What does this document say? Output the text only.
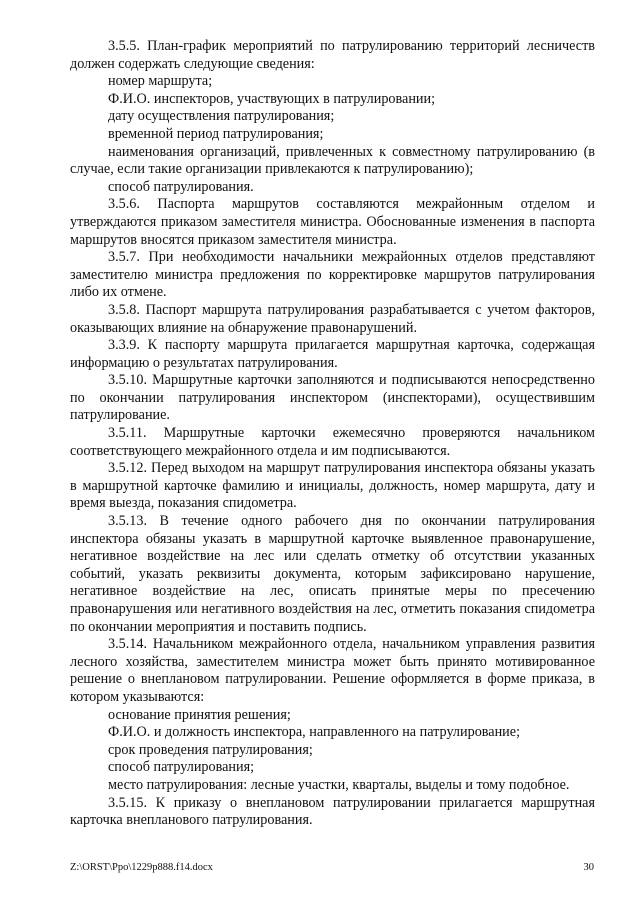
3.5.5. План-график мероприятий по патрулированию территорий лесничеств должен содержать следующие сведения:

номер маршрута;

Ф.И.О. инспекторов, участвующих в патрулировании;

дату осуществления патрулирования;

временной период патрулирования;

наименования организаций, привлеченных к совместному патрулированию (в случае, если такие организации привлекаются к патрулированию);

способ патрулирования.

3.5.6. Паспорта маршрутов составляются межрайонным отделом и утверждаются приказом заместителя министра. Обоснованные изменения в паспорта маршрутов вносятся приказом заместителя министра.

3.5.7. При необходимости начальники межрайонных отделов представляют заместителю министра предложения по корректировке маршрутов патрулирования либо их отмене.

3.5.8. Паспорт маршрута патрулирования разрабатывается с учетом факторов, оказывающих влияние на обнаружение правонарушений.

3.3.9. К паспорту маршрута прилагается маршрутная карточка, содержащая информацию о результатах патрулирования.

3.5.10. Маршрутные карточки заполняются и подписываются непосредственно по окончании патрулирования инспектором (инспекторами), осуществившим патрулирование.

3.5.11. Маршрутные карточки ежемесячно проверяются начальником соответствующего межрайонного отдела и им подписываются.

3.5.12. Перед выходом на маршрут патрулирования инспектора обязаны указать в маршрутной карточке фамилию и инициалы, должность, номер маршрута, дату и время выезда, показания спидометра.

3.5.13. В течение одного рабочего дня по окончании патрулирования инспектора обязаны указать в маршрутной карточке выявленное правонарушение, негативное воздействие на лес или сделать отметку об отсутствии указанных событий, указать реквизиты документа, которым зафиксировано нарушение, негативное воздействие на лес, описать принятые меры по пресечению правонарушения или негативного воздействия на лес, отметить показания спидометра по окончании мероприятия и поставить подпись.

3.5.14. Начальником межрайонного отдела, начальником управления развития лесного хозяйства, заместителем министра может быть принято мотивированное решение о внеплановом патрулировании. Решение оформляется в форме приказа, в котором указываются:

основание принятия решения;

Ф.И.О. и должность инспектора, направленного на патрулирование;

срок проведения патрулирования;

способ патрулирования;

место патрулирования: лесные участки, кварталы, выделы и тому подобное.

3.5.15. К приказу о внеплановом патрулировании прилагается маршрутная карточка внепланового патрулирования.

Z:\ORST\Ppo\1229p888.f14.docx	30
